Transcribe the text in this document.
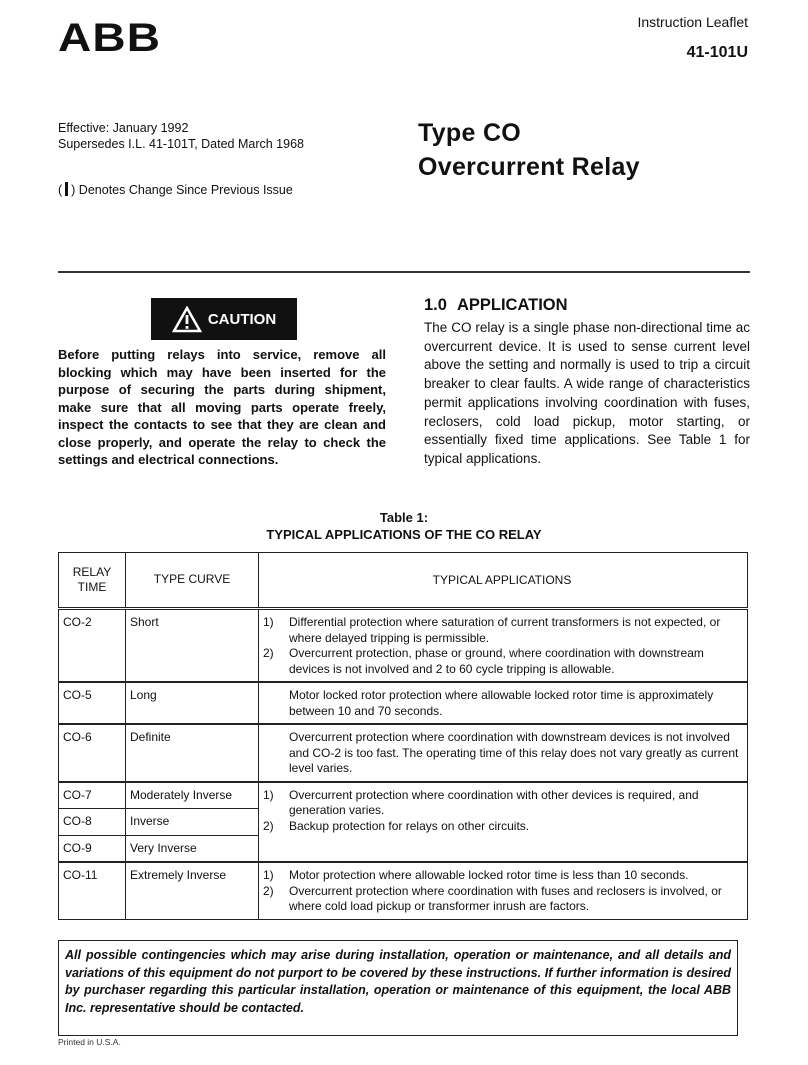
ABB	Instruction Leaflet
41-101U
Effective: January 1992
Supersedes I.L. 41-101T, Dated March 1968
( ) Denotes Change Since Previous Issue
Type CO
Overcurrent Relay
CAUTION
Before putting relays into service, remove all blocking which may have been inserted for the purpose of securing the parts during shipment, make sure that all moving parts operate freely, inspect the contacts to see that they are clean and close properly, and operate the relay to check the settings and electrical connections.
1.0 APPLICATION
The CO relay is a single phase non-directional time ac overcurrent device. It is used to sense current level above the setting and normally is used to trip a circuit breaker to clear faults. A wide range of characteristics permit applications involving coordination with fuses, reclosers, cold load pickup, motor starting, or essentially fixed time applications. See Table 1 for typical applications.
Table 1:
TYPICAL APPLICATIONS OF THE CO RELAY
RELAY TIME	TYPE CURVE	TYPICAL APPLICATIONS
CO-2	Short	1) Differential protection where saturation of current transformers is not expected, or where delayed tripping is permissible.
2) Overcurrent protection, phase or ground, where coordination with downstream devices is not involved and 2 to 60 cycle tripping is allowable.

CO-5	Long	Motor locked rotor protection where allowable locked rotor time is approximately between 10 and 70 seconds.

CO-6	Definite	Overcurrent protection where coordination with downstream devices is not involved and CO-2 is too fast. The operating time of this relay does not vary greatly as current level varies.

CO-7	Moderately Inverse	1) Overcurrent protection where coordination with other devices is required, and generation varies.
2) Backup protection for relays on other circuits.

CO-8	Inverse	
CO-9	Very Inverse	
CO-11	Extremely Inverse	1) Motor protection where allowable locked rotor time is less than 10 seconds.
2) Overcurrent protection where coordination with fuses and reclosers is involved, or where cold load pickup or transformer inrush are factors.
All possible contingencies which may arise during installation, operation or maintenance, and all details and variations of this equipment do not purport to be covered by these instructions. If further information is desired by purchaser regarding this particular installation, operation or maintenance of this equipment, the local ABB Inc. representative should be contacted.
Printed in U.S.A.
